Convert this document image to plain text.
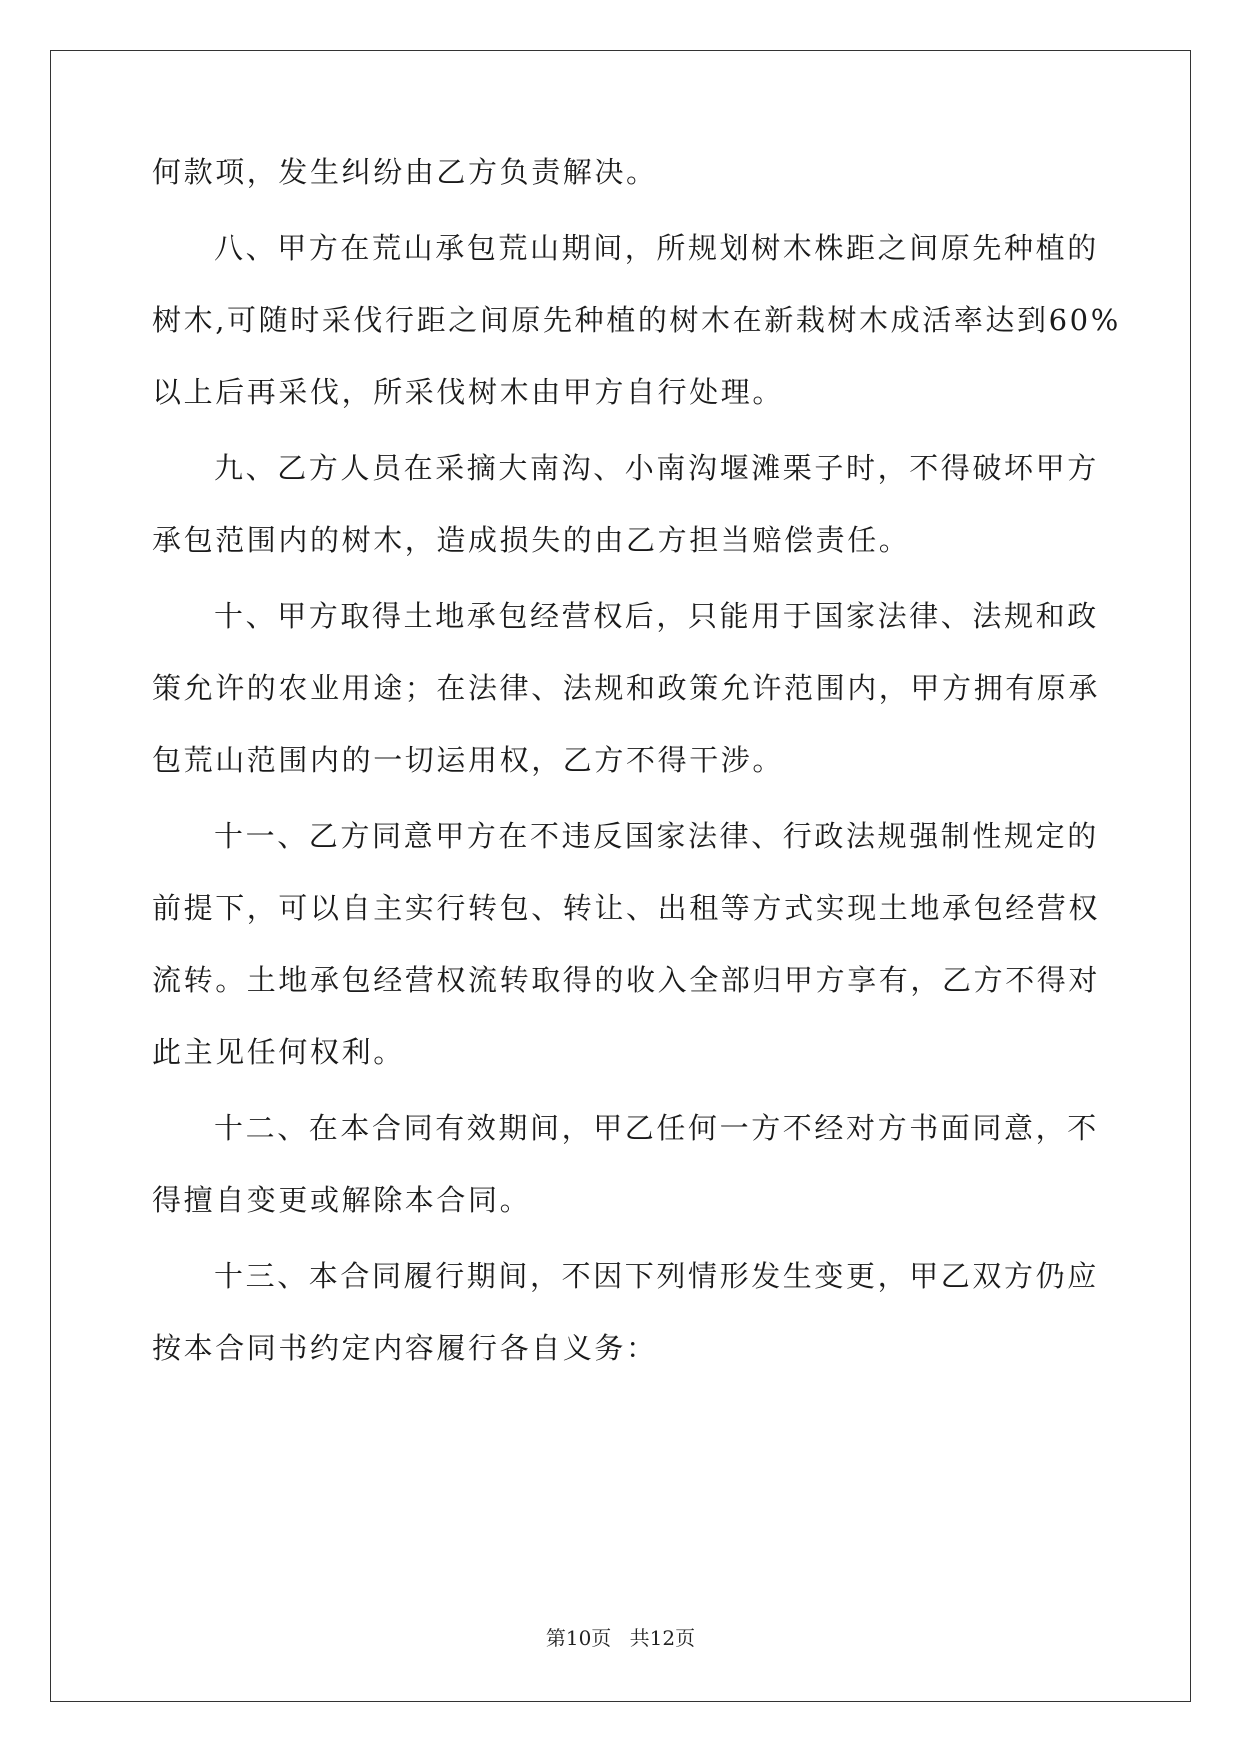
何款项，发生纠纷由乙方负责解决。
八、甲方在荒山承包荒山期间，所规划树木株距之间原先种植的
树木,可随时采伐行距之间原先种植的树木在新栽树木成活率达到60%
以上后再采伐，所采伐树木由甲方自行处理。
九、乙方人员在采摘大南沟、小南沟堰滩栗子时，不得破坏甲方
承包范围内的树木，造成损失的由乙方担当赔偿责任。
十、甲方取得土地承包经营权后，只能用于国家法律、法规和政
策允许的农业用途；在法律、法规和政策允许范围内，甲方拥有原承
包荒山范围内的一切运用权，乙方不得干涉。
十一、乙方同意甲方在不违反国家法律、行政法规强制性规定的
前提下，可以自主实行转包、转让、出租等方式实现土地承包经营权
流转。土地承包经营权流转取得的收入全部归甲方享有，乙方不得对
此主见任何权利。
十二、在本合同有效期间，甲乙任何一方不经对方书面同意，不
得擅自变更或解除本合同。
十三、本合同履行期间，不因下列情形发生变更，甲乙双方仍应
按本合同书约定内容履行各自义务：
第10页 共12页
